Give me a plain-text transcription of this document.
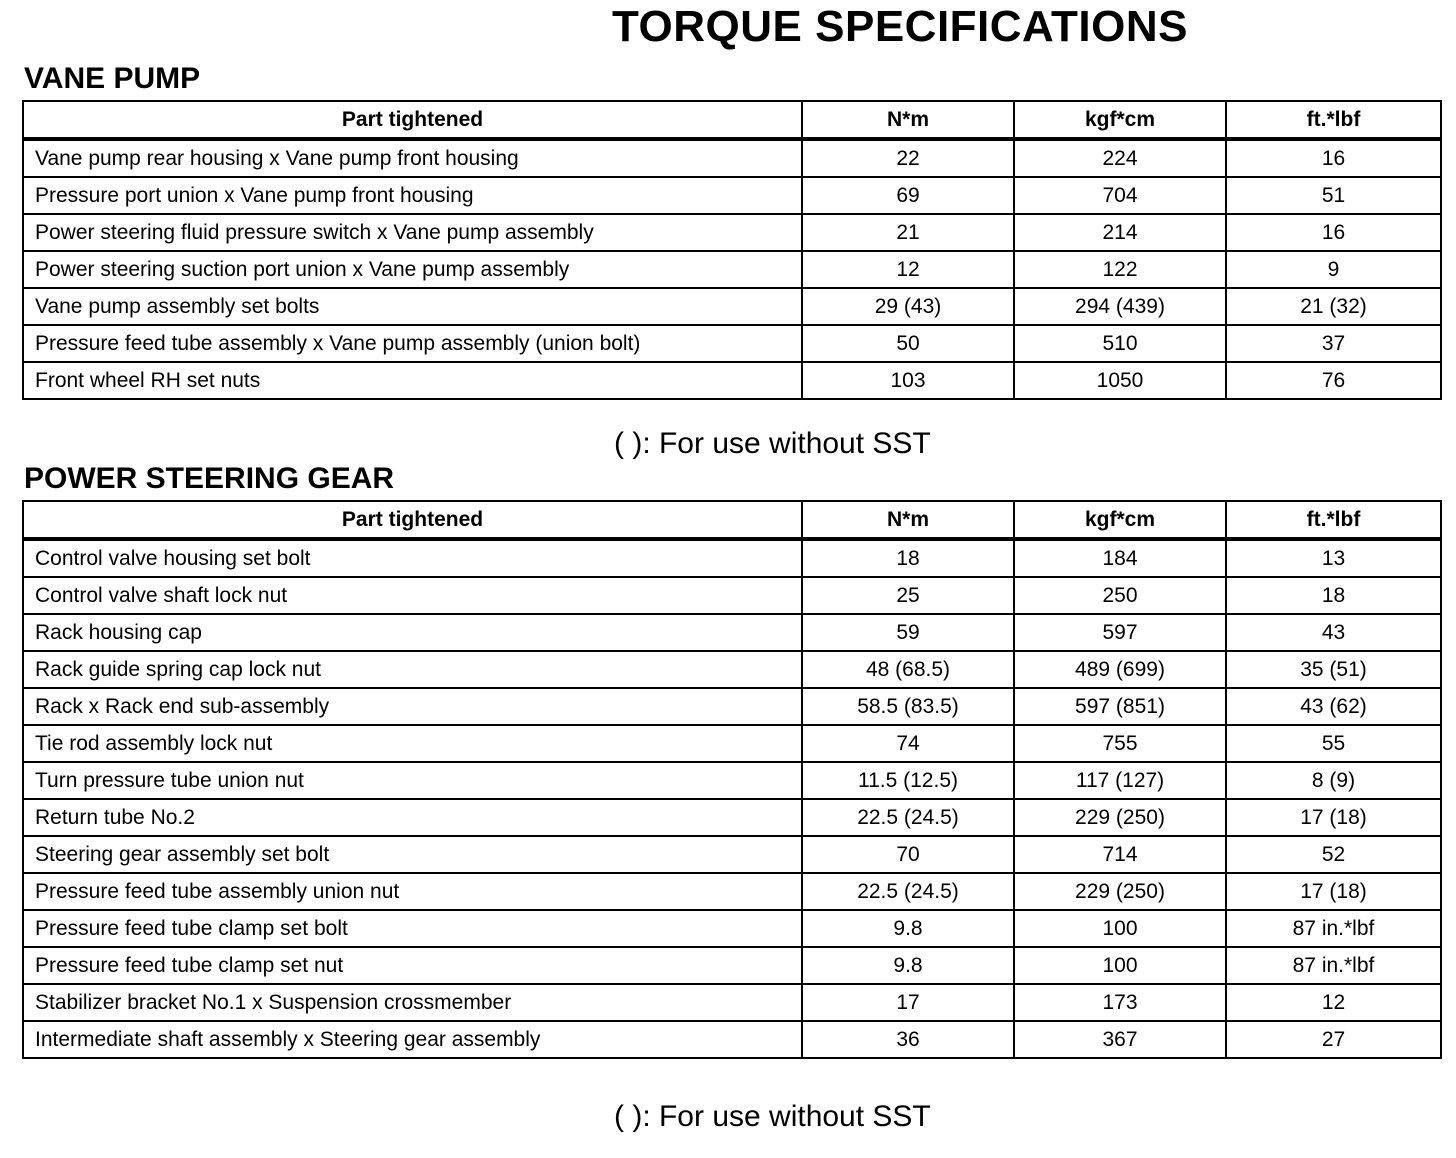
TORQUE SPECIFICATIONS
VANE PUMP
Part tightened	N*m	kgf*cm	ft.*lbf
Vane pump rear housing x Vane pump front housing	22	224	16
Pressure port union x Vane pump front housing	69	704	51
Power steering fluid pressure switch x Vane pump assembly	21	214	16
Power steering suction port union x Vane pump assembly	12	122	9
Vane pump assembly set bolts	29 (43)	294 (439)	21 (32)
Pressure feed tube assembly x Vane pump assembly (union bolt)	50	510	37
Front wheel RH set nuts	103	1050	76
( ): For use without SST
POWER STEERING GEAR
Part tightened	N*m	kgf*cm	ft.*lbf
Control valve housing set bolt	18	184	13
Control valve shaft lock nut	25	250	18
Rack housing cap	59	597	43
Rack guide spring cap lock nut	48 (68.5)	489 (699)	35 (51)
Rack x Rack end sub-assembly	58.5 (83.5)	597 (851)	43 (62)
Tie rod assembly lock nut	74	755	55
Turn pressure tube union nut	11.5 (12.5)	117 (127)	8 (9)
Return tube No.2	22.5 (24.5)	229 (250)	17 (18)
Steering gear assembly set bolt	70	714	52
Pressure feed tube assembly union nut	22.5 (24.5)	229 (250)	17 (18)
Pressure feed tube clamp set bolt	9.8	100	87 in.*lbf
Pressure feed tube clamp set nut	9.8	100	87 in.*lbf
Stabilizer bracket No.1 x Suspension crossmember	17	173	12
Intermediate shaft assembly x Steering gear assembly	36	367	27
( ): For use without SST
